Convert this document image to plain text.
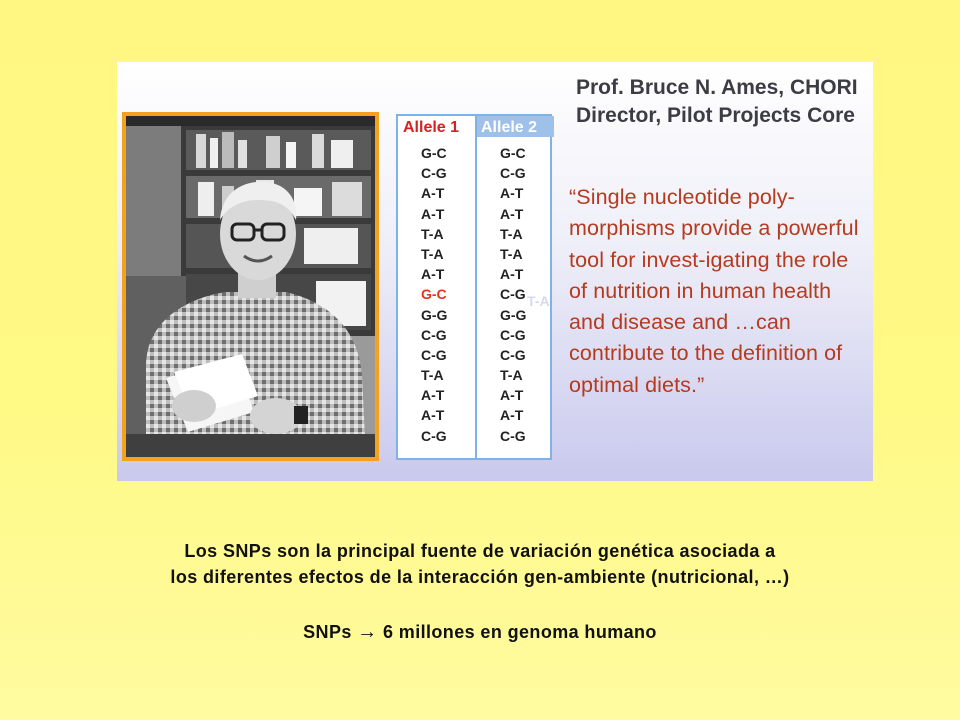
Allele 1
G-C
C-G
A-T
A-T
T-A
T-A
A-T
G-C
G-G
C-G
C-G
T-A
A-T
A-T
C-G
Allele 2
G-C
C-G
A-T
A-T
T-A
T-A
A-T
C-G
G-G
C-G
C-G
T-A
A-T
A-T
C-G
T-A
Prof. Bruce N. Ames, CHORI Director, Pilot Projects Core
“Single nucleotide poly-morphisms provide a powerful tool for invest-igating the role of nutrition in human health and disease and …can contribute to the definition of optimal diets.”
Los SNPs son la principal fuente de variación genética asociada a
los diferentes efectos de la interacción gen-ambiente (nutricional, …)
SNPs → 6 millones en genoma humano
